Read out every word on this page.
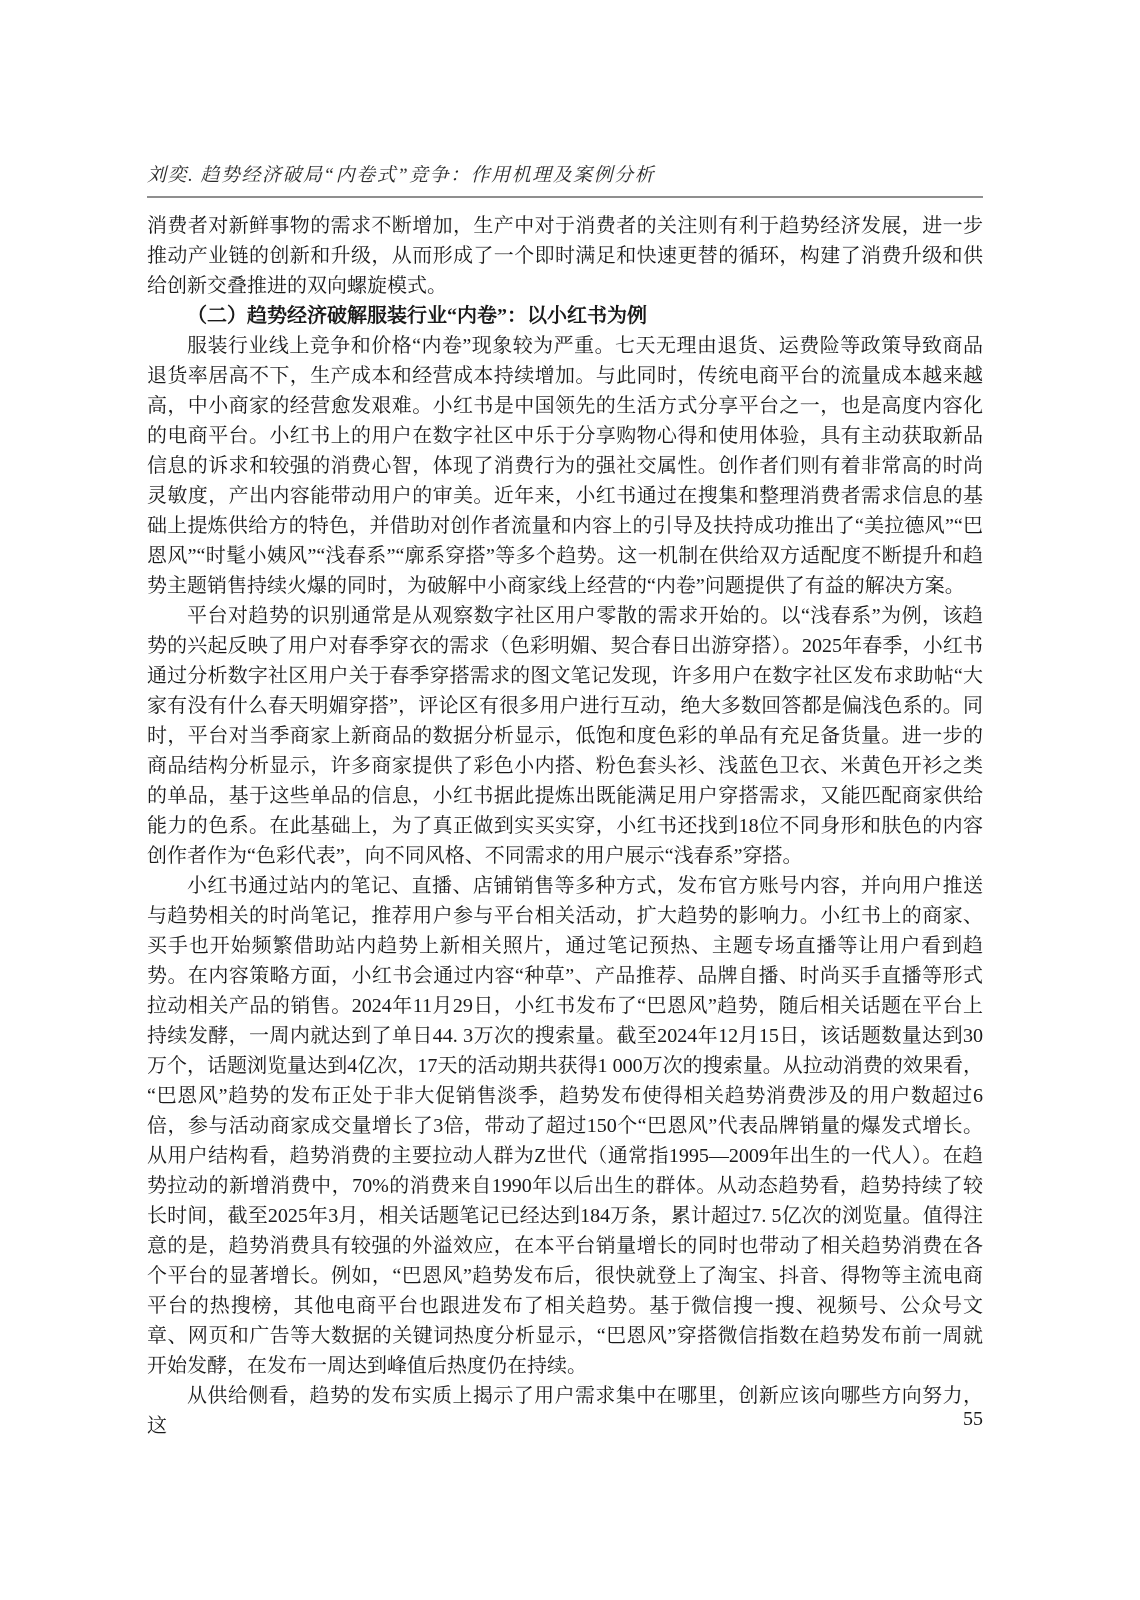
刘奕. 趋势经济破局“内卷式”竞争：作用机理及案例分析

消费者对新鲜事物的需求不断增加，生产中对于消费者的关注则有利于趋势经济发展，进一步推动产业链的创新和升级，从而形成了一个即时满足和快速更替的循环，构建了消费升级和供给创新交叠推进的双向螺旋模式。

（二）趋势经济破解服装行业“内卷”：以小红书为例

服装行业线上竞争和价格“内卷”现象较为严重。七天无理由退货、运费险等政策导致商品退货率居高不下，生产成本和经营成本持续增加。与此同时，传统电商平台的流量成本越来越高，中小商家的经营愈发艰难。小红书是中国领先的生活方式分享平台之一，也是高度内容化的电商平台。小红书上的用户在数字社区中乐于分享购物心得和使用体验，具有主动获取新品信息的诉求和较强的消费心智，体现了消费行为的强社交属性。创作者们则有着非常高的时尚灵敏度，产出内容能带动用户的审美。近年来，小红书通过在搜集和整理消费者需求信息的基础上提炼供给方的特色，并借助对创作者流量和内容上的引导及扶持成功推出了“美拉德风”“巴恩风”“时髦小姨风”“浅春系”“廓系穿搭”等多个趋势。这一机制在供给双方适配度不断提升和趋势主题销售持续火爆的同时，为破解中小商家线上经营的“内卷”问题提供了有益的解决方案。

平台对趋势的识别通常是从观察数字社区用户零散的需求开始的。以“浅春系”为例，该趋势的兴起反映了用户对春季穿衣的需求（色彩明媚、契合春日出游穿搭）。2025年春季，小红书通过分析数字社区用户关于春季穿搭需求的图文笔记发现，许多用户在数字社区发布求助帖“大家有没有什么春天明媚穿搭”，评论区有很多用户进行互动，绝大多数回答都是偏浅色系的。同时，平台对当季商家上新商品的数据分析显示，低饱和度色彩的单品有充足备货量。进一步的商品结构分析显示，许多商家提供了彩色小内搭、粉色套头衫、浅蓝色卫衣、米黄色开衫之类的单品，基于这些单品的信息，小红书据此提炼出既能满足用户穿搭需求，又能匹配商家供给能力的色系。在此基础上，为了真正做到实买实穿，小红书还找到18位不同身形和肤色的内容创作者作为“色彩代表”，向不同风格、不同需求的用户展示“浅春系”穿搭。

小红书通过站内的笔记、直播、店铺销售等多种方式，发布官方账号内容，并向用户推送与趋势相关的时尚笔记，推荐用户参与平台相关活动，扩大趋势的影响力。小红书上的商家、买手也开始频繁借助站内趋势上新相关照片，通过笔记预热、主题专场直播等让用户看到趋势。在内容策略方面，小红书会通过内容“种草”、产品推荐、品牌自播、时尚买手直播等形式拉动相关产品的销售。2024年11月29日，小红书发布了“巴恩风”趋势，随后相关话题在平台上持续发酵，一周内就达到了单日44. 3万次的搜索量。截至2024年12月15日，该话题数量达到30万个，话题浏览量达到4亿次，17天的活动期共获得1 000万次的搜索量。从拉动消费的效果看，“巴恩风”趋势的发布正处于非大促销售淡季，趋势发布使得相关趋势消费涉及的用户数超过6倍，参与活动商家成交量增长了3倍，带动了超过150个“巴恩风”代表品牌销量的爆发式增长。从用户结构看，趋势消费的主要拉动人群为Z世代（通常指1995—2009年出生的一代人）。在趋势拉动的新增消费中，70%的消费来自1990年以后出生的群体。从动态趋势看，趋势持续了较长时间，截至2025年3月，相关话题笔记已经达到184万条，累计超过7. 5亿次的浏览量。值得注意的是，趋势消费具有较强的外溢效应，在本平台销量增长的同时也带动了相关趋势消费在各个平台的显著增长。例如，“巴恩风”趋势发布后，很快就登上了淘宝、抖音、得物等主流电商平台的热搜榜，其他电商平台也跟进发布了相关趋势。基于微信搜一搜、视频号、公众号文章、网页和广告等大数据的关键词热度分析显示，“巴恩风”穿搭微信指数在趋势发布前一周就开始发酵，在发布一周达到峰值后热度仍在持续。

从供给侧看，趋势的发布实质上揭示了用户需求集中在哪里，创新应该向哪些方向努力，这	55
